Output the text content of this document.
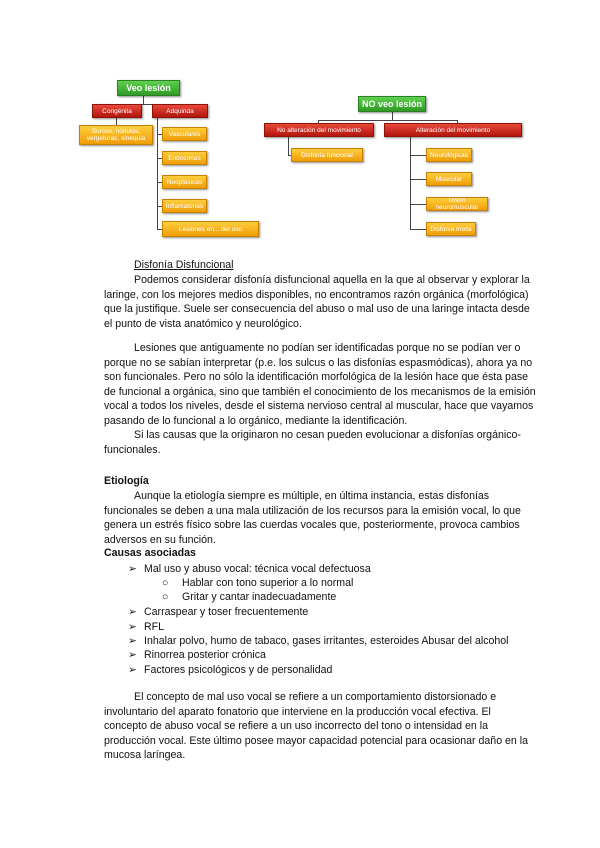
Veo lesión
Congénita	Adquirida
Surcos, nódulos, vergeturas, sinequia
Vasculares
Endocrinas
Neoplásicas
Inflamatorias
Lesiones en... del uso
NO veo lesión
No alteración del movimiento	Alteración del movimiento
Disfonía funcional	Neurológicas
Muscular
Unión neuromuscular
Disfonía mixta

Disfonía Disfuncional

Podemos considerar disfonía disfuncional aquella en la que al observar y explorar la laringe, con los mejores medios disponibles, no encontramos razón orgánica (morfológica) que la justifique. Suele ser consecuencia del abuso o mal uso de una laringe intacta desde el punto de vista anatómico y neurológico.

Lesiones que antiguamente no podían ser identificadas porque no se podían ver o porque no se sabían interpretar (p.e. los sulcus o las disfonías espasmódicas), ahora ya no son funcionales. Pero no sólo la identificación morfológica de la lesión hace que ésta pase de funcional a orgánica, sino que también el conocimiento de los mecanismos de la emisión vocal a todos los niveles, desde el sistema nervioso central al muscular, hace que vayamos pasando de lo funcional a lo orgánico, mediante la identificación.

Si las causas que la originaron no cesan pueden evolucionar a disfonías orgánico-funcionales.

Etiología

Aunque la etiología siempre es múltiple, en última instancia, estas disfonías funcionales se deben a una mala utilización de los recursos para la emisión vocal, lo que genera un estrés físico sobre las cuerdas vocales que, posteriormente, provoca cambios adversos en su función.

Causas asociadas

➢ Mal uso y abuso vocal: técnica vocal defectuosa

○ Hablar con tono superior a lo normal

○ Gritar y cantar inadecuadamente

➢ Carraspear y toser frecuentemente

➢ RFL

➢ Inhalar polvo, humo de tabaco, gases irritantes, esteroides Abusar del alcohol

➢ Rinorrea posterior crónica

➢ Factores psicológicos y de personalidad

El concepto de mal uso vocal se refiere a un comportamiento distorsionado e involuntario del aparato fonatorio que interviene en la producción vocal efectiva. El concepto de abuso vocal se refiere a un uso incorrecto del tono o intensidad en la producción vocal. Este último posee mayor capacidad potencial para ocasionar daño en la mucosa laríngea.
